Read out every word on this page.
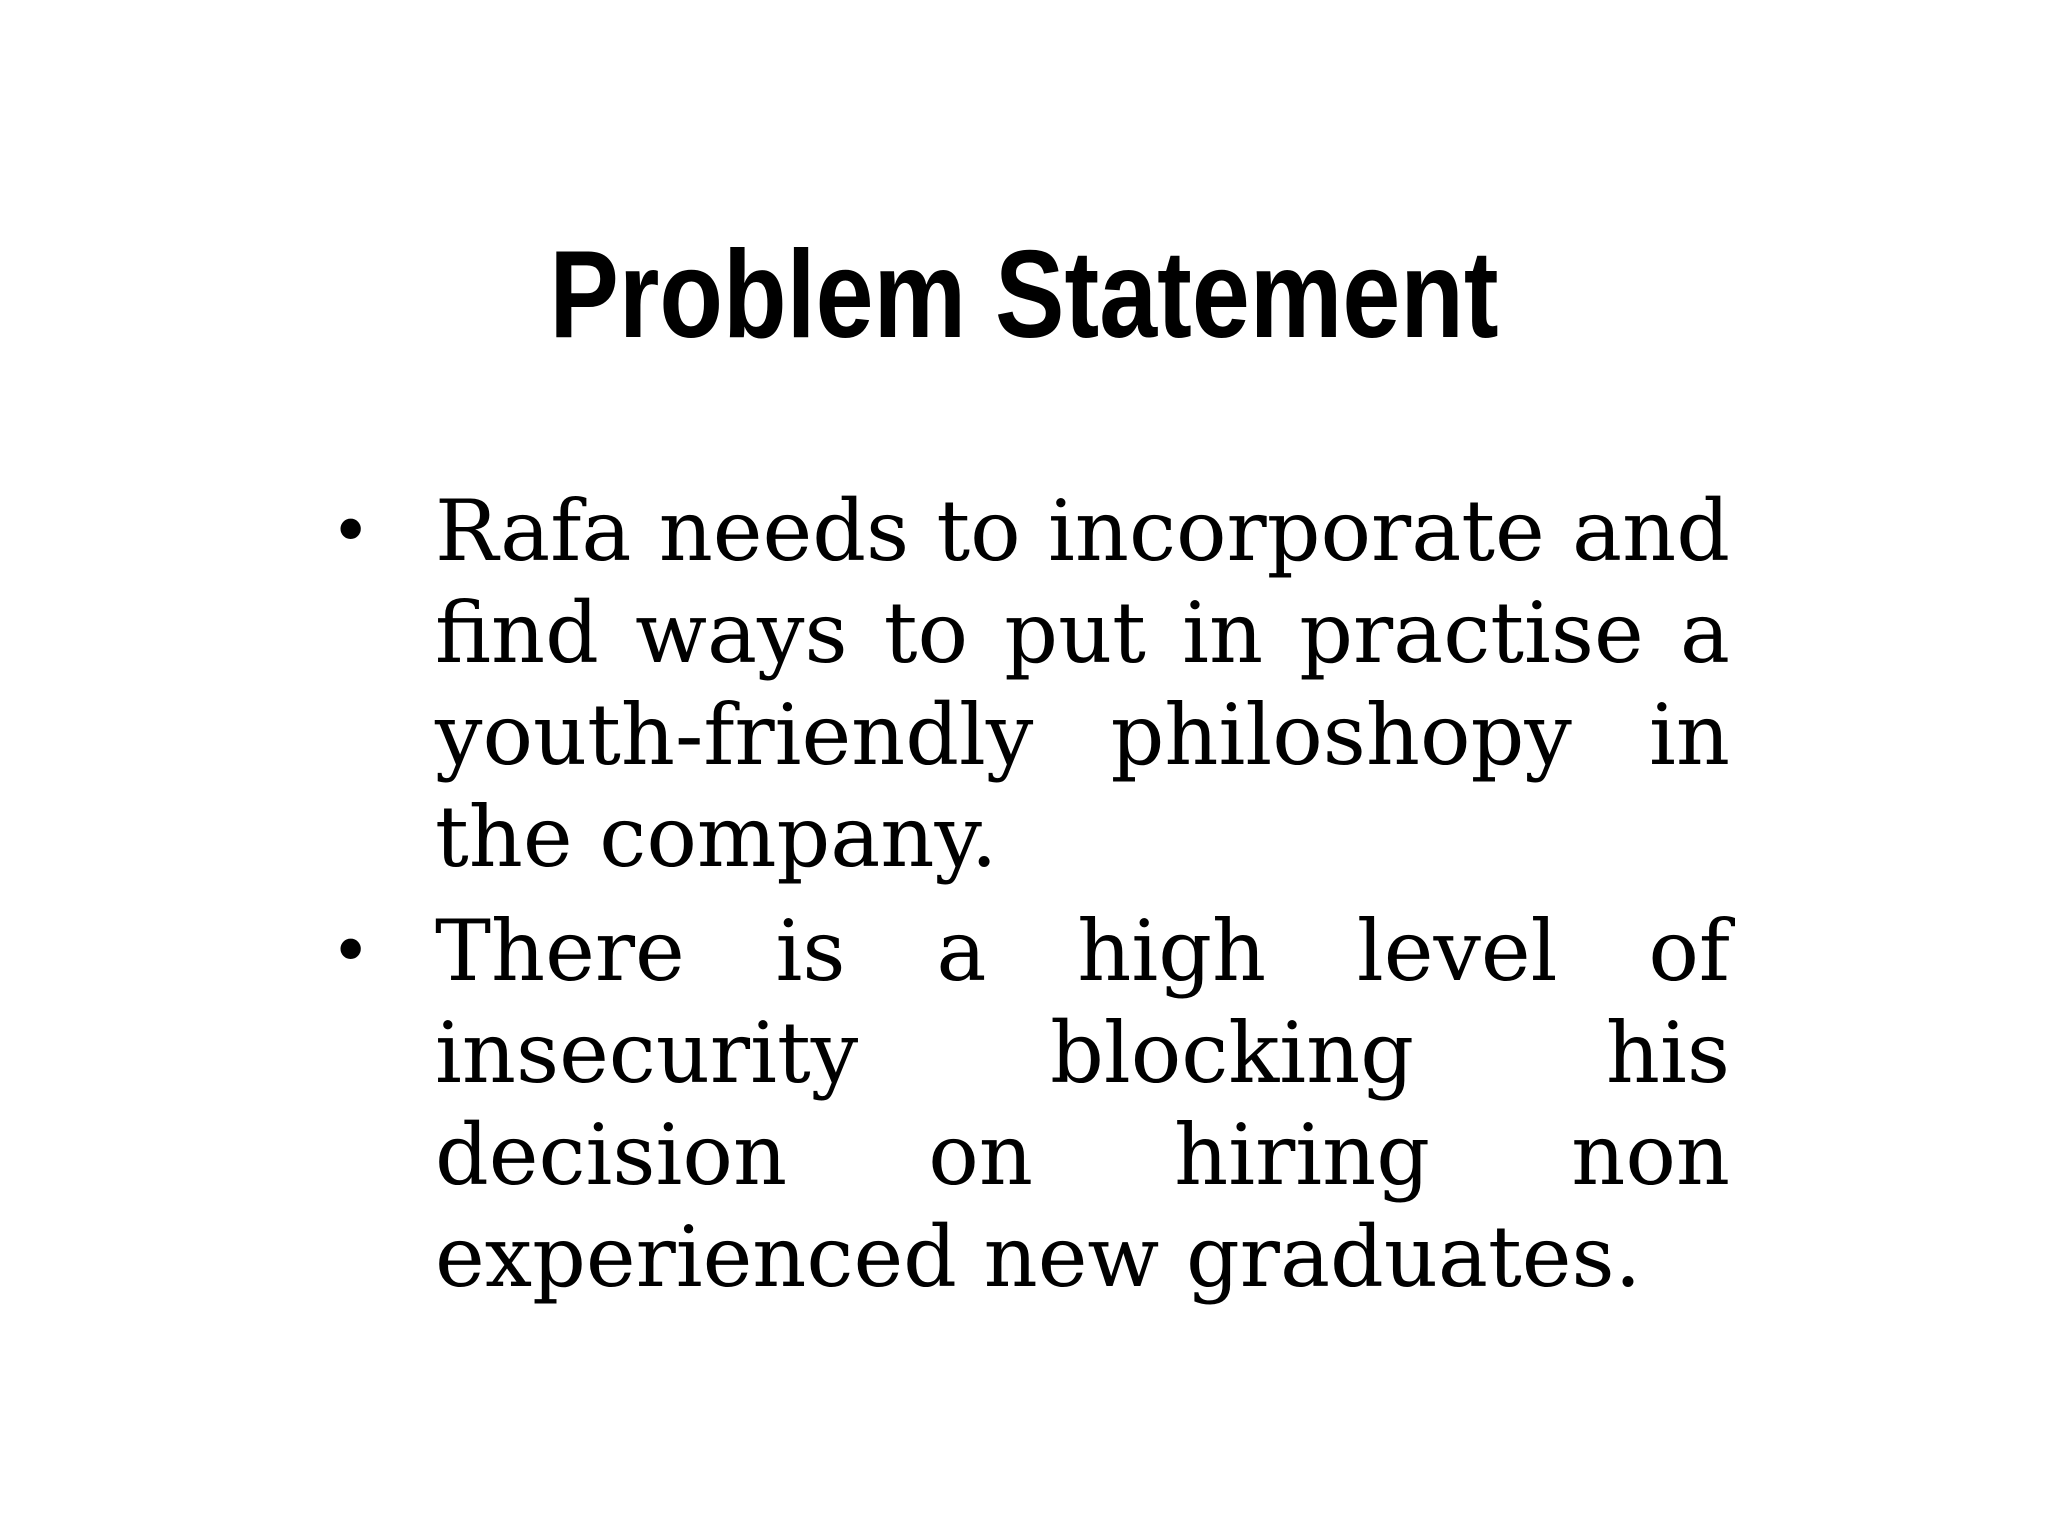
Problem Statement
• Rafa needs to incorporate and find ways to put in practise a youth-friendly philoshopy in the company.

• There is a high level of insecurity blocking his decision on hiring non experienced new graduates.
